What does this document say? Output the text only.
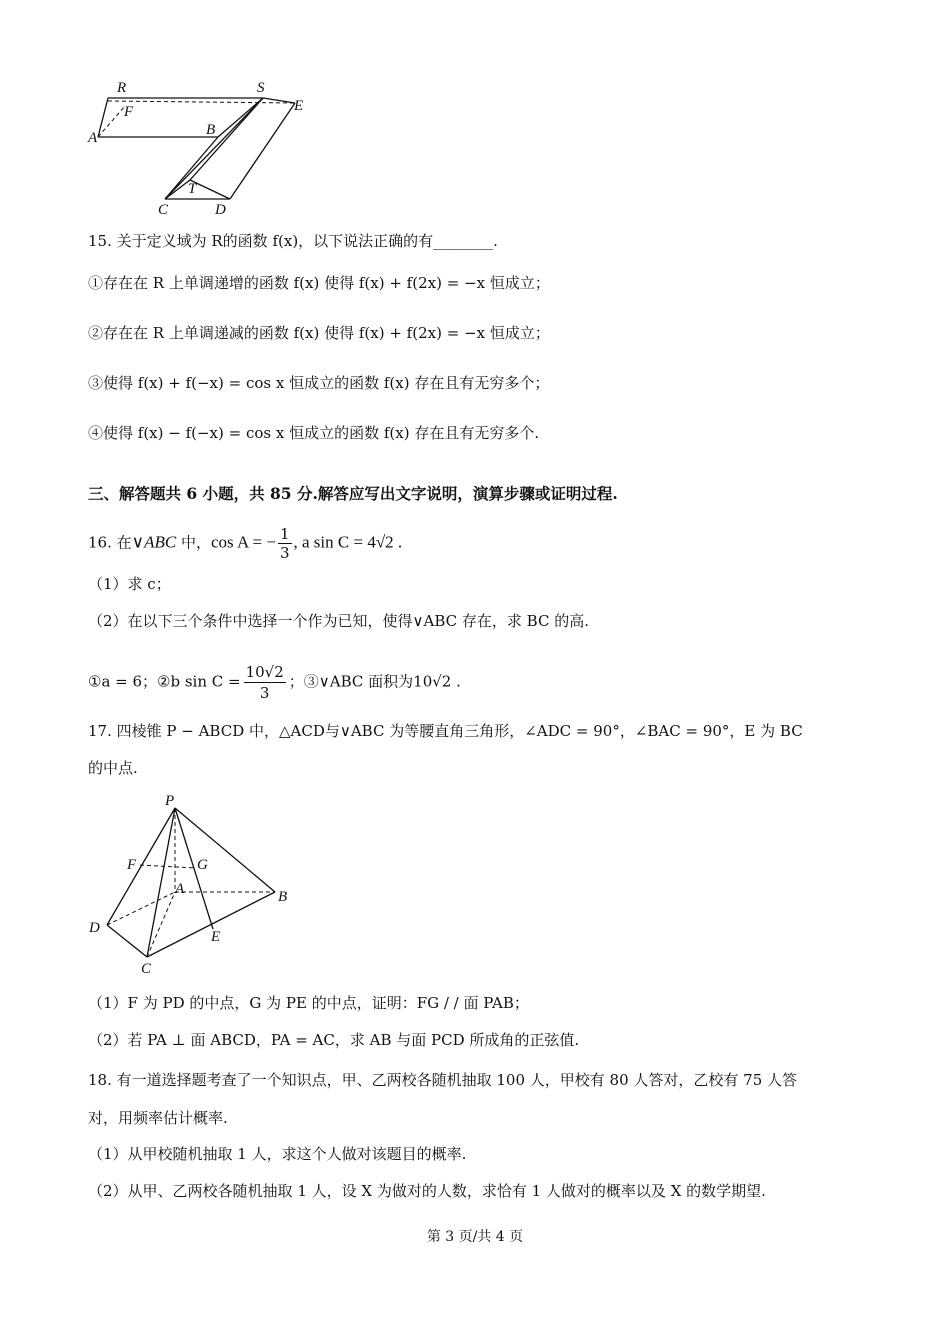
R	S
E
F
A	B
T
C	D
15. 关于定义域为 R的函数 f(x)，以下说法正确的有________.
①存在在 R 上单调递增的函数 f(x) 使得 f(x) + f(2x) = −x 恒成立；
②存在在 R 上单调递减的函数 f(x) 使得 f(x) + f(2x) = −x 恒成立；
③使得 f(x) + f(−x) = cos x 恒成立的函数 f(x) 存在且有无穷多个；
④使得 f(x) − f(−x) = cos x 恒成立的函数 f(x) 存在且有无穷多个.
三、解答题共 6 小题，共 85 分.解答应写出文字说明，演算步骤或证明过程.
16. 在∨ABC 中，cos A = − $\frac{1}{3}$ , a sin C = 4√2 .
（1）求 c；
（2）在以下三个条件中选择一个作为已知，使得∨ABC 存在，求 BC 的高.
①a = 6；②b $\sin C = \frac{10√2}{3}$ ；③∨ABC 面积为10√2 .
17. 四棱锥 P − ABCD 中，△ACD与∨ABC 为等腰直角三角形，∠ADC = 90°，∠BAC = 90°，E 为 BC
的中点.
P
F	G
A	B
D
E
C
（1）F 为 PD 的中点，G 为 PE 的中点，证明：FG / / 面 PAB；
（2）若 PA ⊥ 面 ABCD，PA = AC，求 AB 与面 PCD 所成角的正弦值.
18. 有一道选择题考查了一个知识点，甲、乙两校各随机抽取 100 人，甲校有 80 人答对，乙校有 75 人答
对，用频率估计概率.
（1）从甲校随机抽取 1 人，求这个人做对该题目的概率.
（2）从甲、乙两校各随机抽取 1 人，设 X 为做对的人数，求恰有 1 人做对的概率以及 X 的数学期望.
第 3 页/共 4 页
